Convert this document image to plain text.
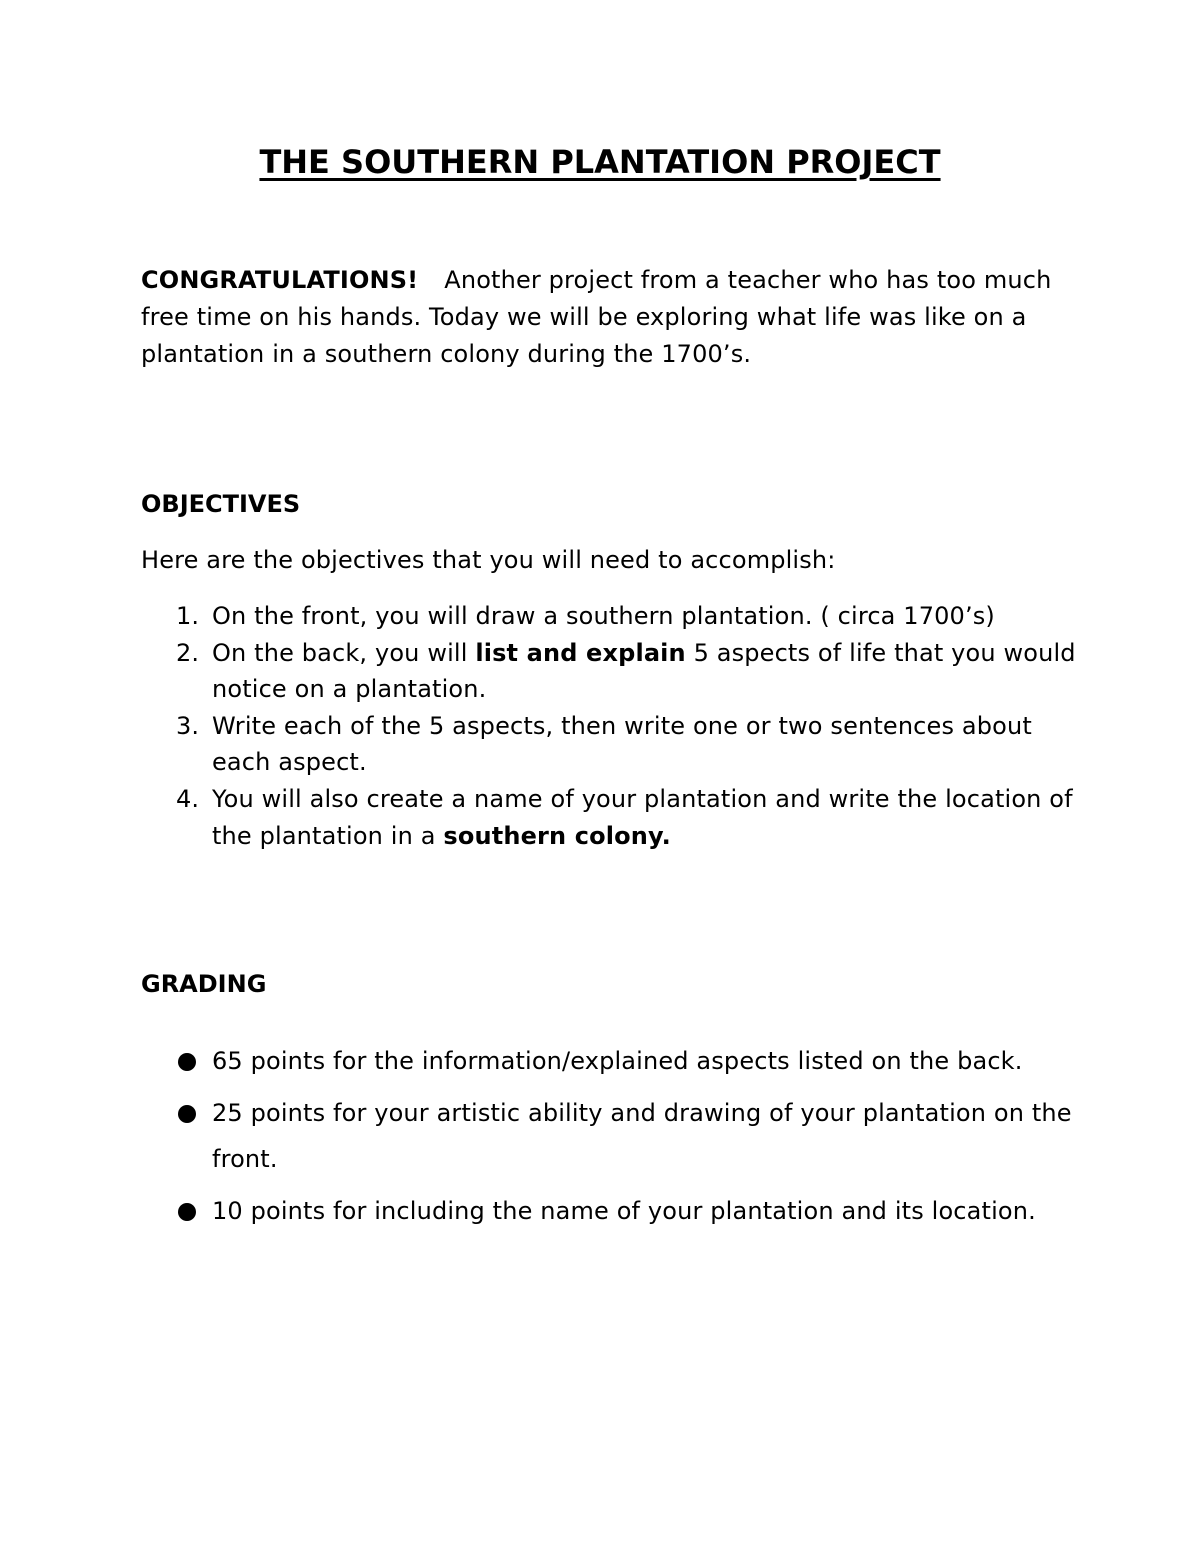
THE SOUTHERN PLANTATION PROJECT
CONGRATULATIONS! Another project from a teacher who has too much free time on his hands. Today we will be exploring what life was like on a plantation in a southern colony during the 1700’s.
OBJECTIVES
Here are the objectives that you will need to accomplish:
1. On the front, you will draw a southern plantation. ( circa 1700’s)
2. On the back, you will list and explain 5 aspects of life that you would notice on a plantation.
3. Write each of the 5 aspects, then write one or two sentences about each aspect.
4. You will also create a name of your plantation and write the location of the plantation in a southern colony.
GRADING
65 points for the information/explained aspects listed on the back.
25 points for your artistic ability and drawing of your plantation on the front.
10 points for including the name of your plantation and its location.
